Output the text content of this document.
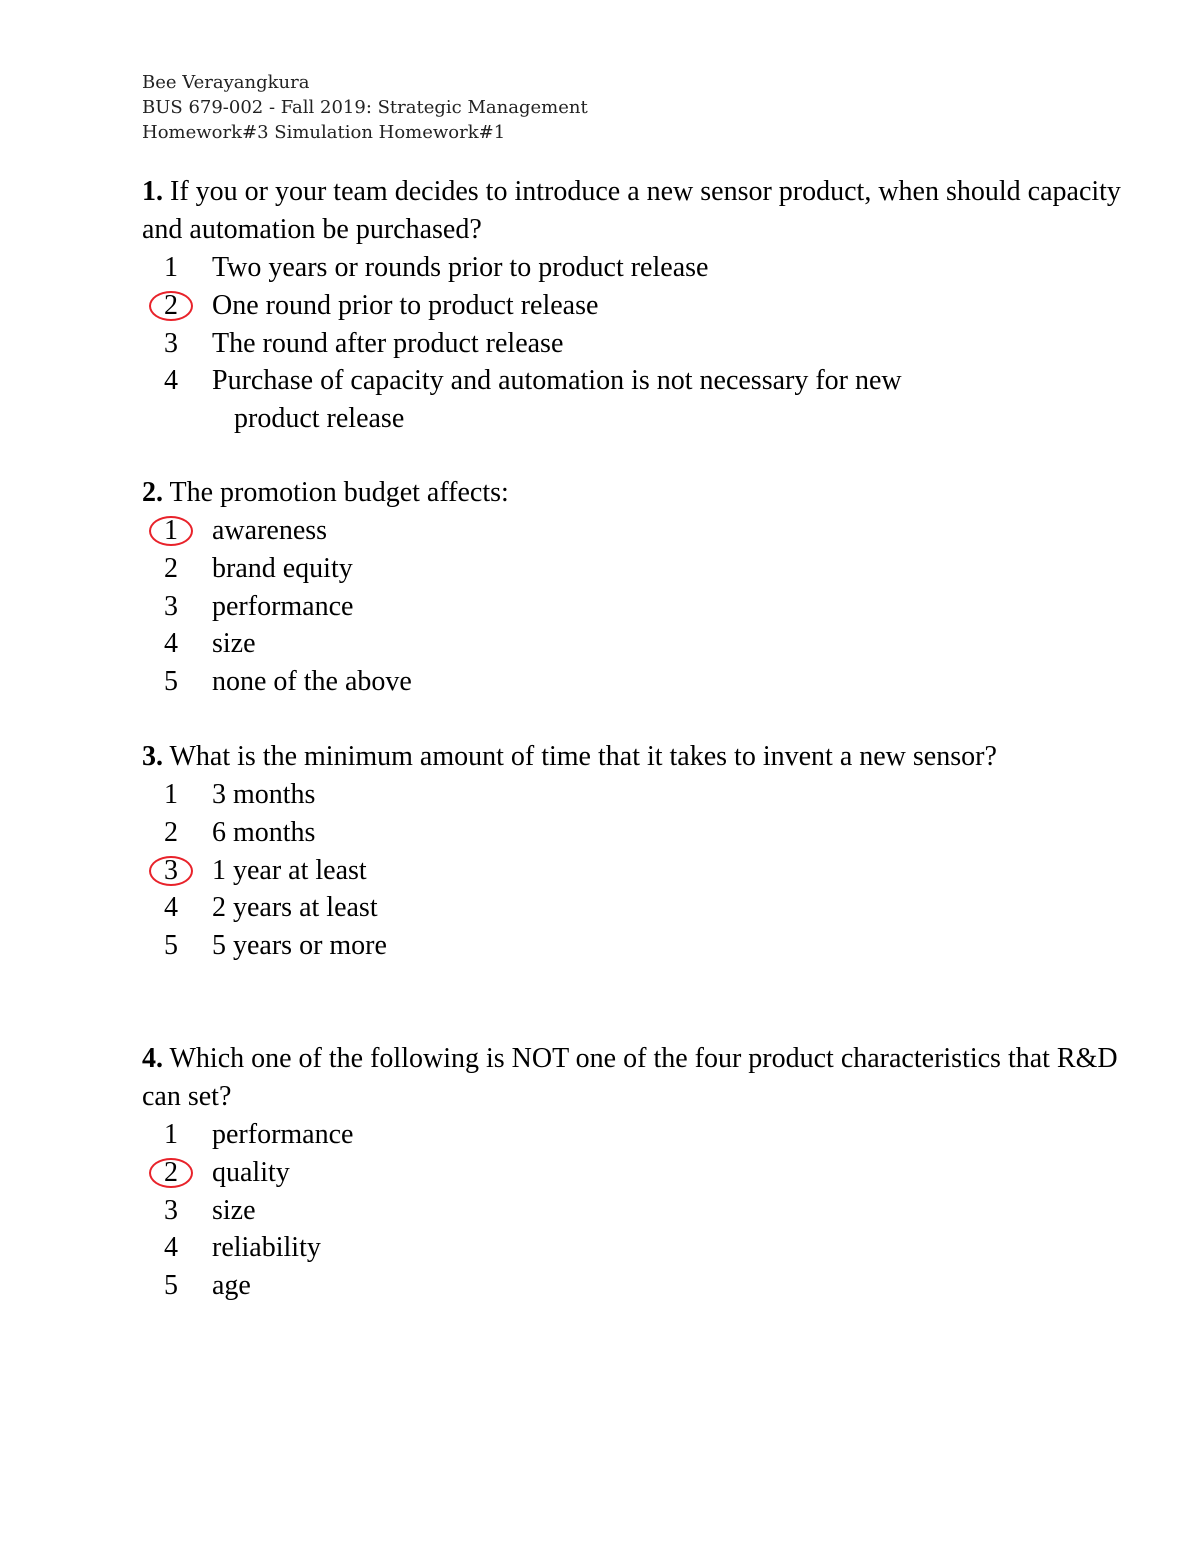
Bee Verayangkura
BUS 679-002 - Fall 2019: Strategic Management
Homework#3 Simulation Homework#1

1. If you or your team decides to introduce a new sensor product, when should capacity and automation be purchased?

1 Two years or rounds prior to product release
2 One round prior to product release
3 The round after product release
4 Purchase of capacity and automation is not necessary for new
product release

2. The promotion budget affects:

1 awareness
2 brand equity
3 performance
4 size
5 none of the above

3. What is the minimum amount of time that it takes to invent a new sensor?

1 3 months
2 6 months
3 1 year at least
4 2 years at least
5 5 years or more

4. Which one of the following is NOT one of the four product characteristics that R&D can set?

1 performance
2 quality
3 size
4 reliability
5 age
